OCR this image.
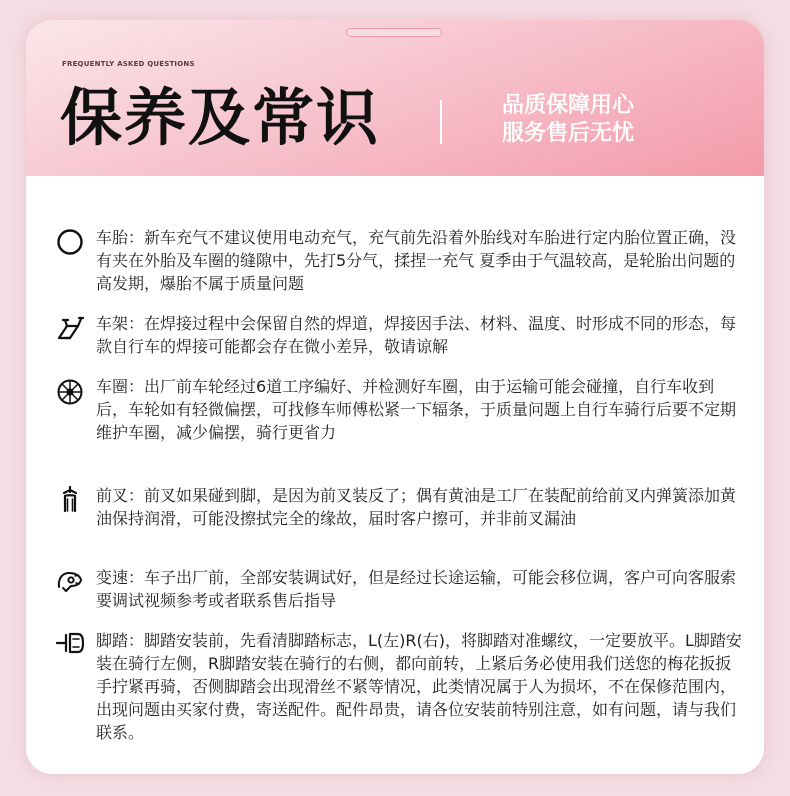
FREQUENTLY ASKED QUESTIONS
保养及常识	品质保障用心
服务售后无忧
车胎：新车充气不建议使用电动充气，充气前先沿着外胎线对车胎进行定内胎位置正确，没有夹在外胎及车圈的缝隙中，先打5分气，揉捏一充气 夏季由于气温较高，是轮胎出问题的高发期，爆胎不属于质量问题
车架：在焊接过程中会保留自然的焊道，焊接因手法、材料、温度、时形成不同的形态，每款自行车的焊接可能都会存在微小差异，敬请谅解
车圈：出厂前车轮经过6道工序编好、并检测好车圈，由于运输可能会碰撞，自行车收到后，车轮如有轻微偏摆，可找修车师傅松紧一下辐条，于质量问题上自行车骑行后要不定期维护车圈，减少偏摆，骑行更省力
前叉：前叉如果碰到脚，是因为前叉装反了；偶有黄油是工厂在装配前给前叉内弹簧添加黄油保持润滑，可能没擦拭完全的缘故，届时客户擦可，并非前叉漏油
变速：车子出厂前，全部安装调试好，但是经过长途运输，可能会移位调，客户可向客服索要调试视频参考或者联系售后指导
脚踏：脚踏安装前，先看清脚踏标志，L(左)R(右)，将脚踏对准螺纹，一定要放平。L脚踏安装在骑行左侧，R脚踏安装在骑行的右侧，都向前转，上紧后务必使用我们送您的梅花扳扳手拧紧再骑，否侧脚踏会出现滑丝不紧等情况，此类情况属于人为损坏，不在保修范围内，出现问题由买家付费，寄送配件。配件昂贵，请各位安装前特别注意，如有问题，请与我们联系。
